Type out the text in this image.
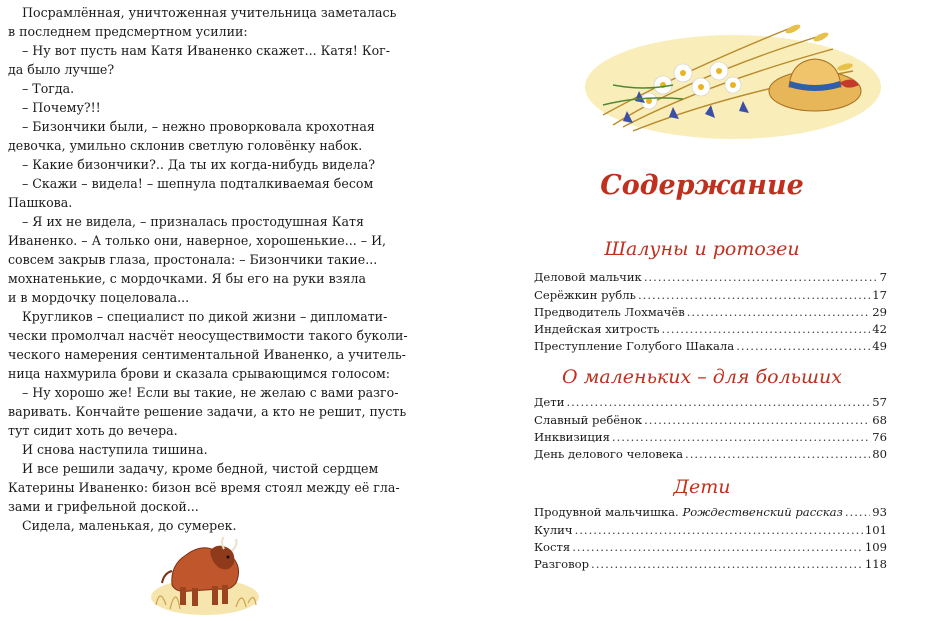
Посрамлённая, уничтоженная учительница заметалась
в последнем предсмертном усилии:
– Ну вот пусть нам Катя Иваненко скажет... Катя! Ког-
да было лучше?
– Тогда.
– Почему?!!
– Бизончики были, – нежно проворковала крохотная
девочка, умильно склонив светлую головёнку набок.
– Какие бизончики?.. Да ты их когда-нибудь видела?
– Скажи – видела! – шепнула подталкиваемая бесом
Пашкова.
– Я их не видела, – призналась простодушная Катя
Иваненко. – А только они, наверное, хорошенькие... – И,
совсем закрыв глаза, простонала: – Бизончики такие...
мохнатенькие, с мордочками. Я бы его на руки взяла
и в мордочку поцеловала...
Кругликов – специалист по дикой жизни – дипломати-
чески промолчал насчёт неосуществимости такого буколи-
ческого намерения сентиментальной Иваненко, а учитель-
ница нахмурила брови и сказала срывающимся голосом:
– Ну хорошо же! Если вы такие, не желаю с вами разго-
варивать. Кончайте решение задачи, а кто не решит, пусть
тут сидит хоть до вечера.
И снова наступила тишина.
И все решили задачу, кроме бедной, чистой сердцем
Катерины Иваненко: бизон всё время стоял между её гла-
зами и грифельной доской...
Сидела, маленькая, до сумерек.
Содержание
Шалуны и ротозеи
Деловой мальчик .....	7
Серёжкин рубль .....	17
Предводитель Лохмачёв .....	29
Индейская хитрость .....	42
Преступление Голубого Шакала .....	49
О маленьких – для больших
Дети .....	57
Славный ребёнок .....	68
Инквизиция .....	76
День делового человека .....	80
Дети
Продувной мальчишка.
Рождественский рассказ .....	93
Кулич .....	101
Костя .....	109
Разговор .....	118
